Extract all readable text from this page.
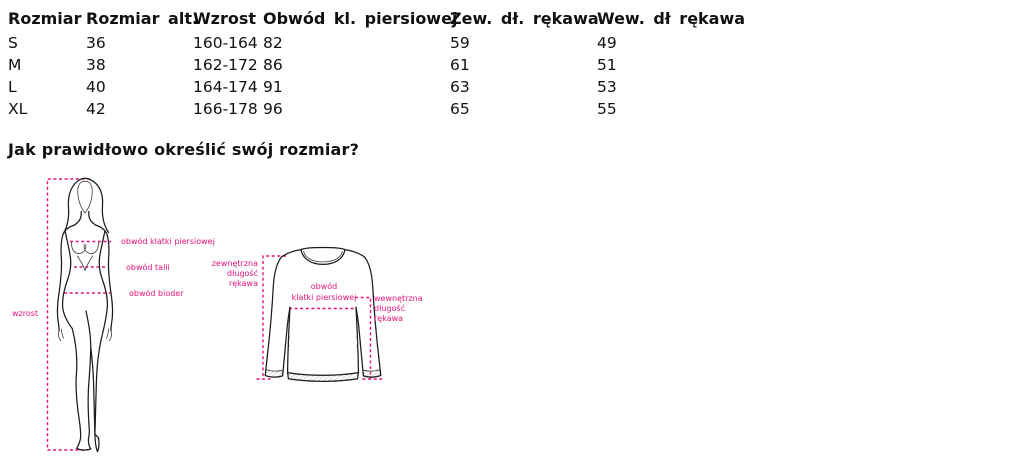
Rozmiar	Rozmiar alt.	Wzrost	Obwód kl. piersiowej	Zew. dł. rękawa	Wew. dł rękawa
S	36	160-164	82	59	49
M	38	162-172	86	61	51
L	40	164-174	91	63	53
XL	42	166-178	96	65	55
Jak prawidłowo określić swój rozmiar?
obwód klatki piersiowej
obwód talii
obwód bioder
wzrost
zewnętrzna
długość
rękawa	obwód
klatki piersiowej	wewnętrzna
długość
rękawa
